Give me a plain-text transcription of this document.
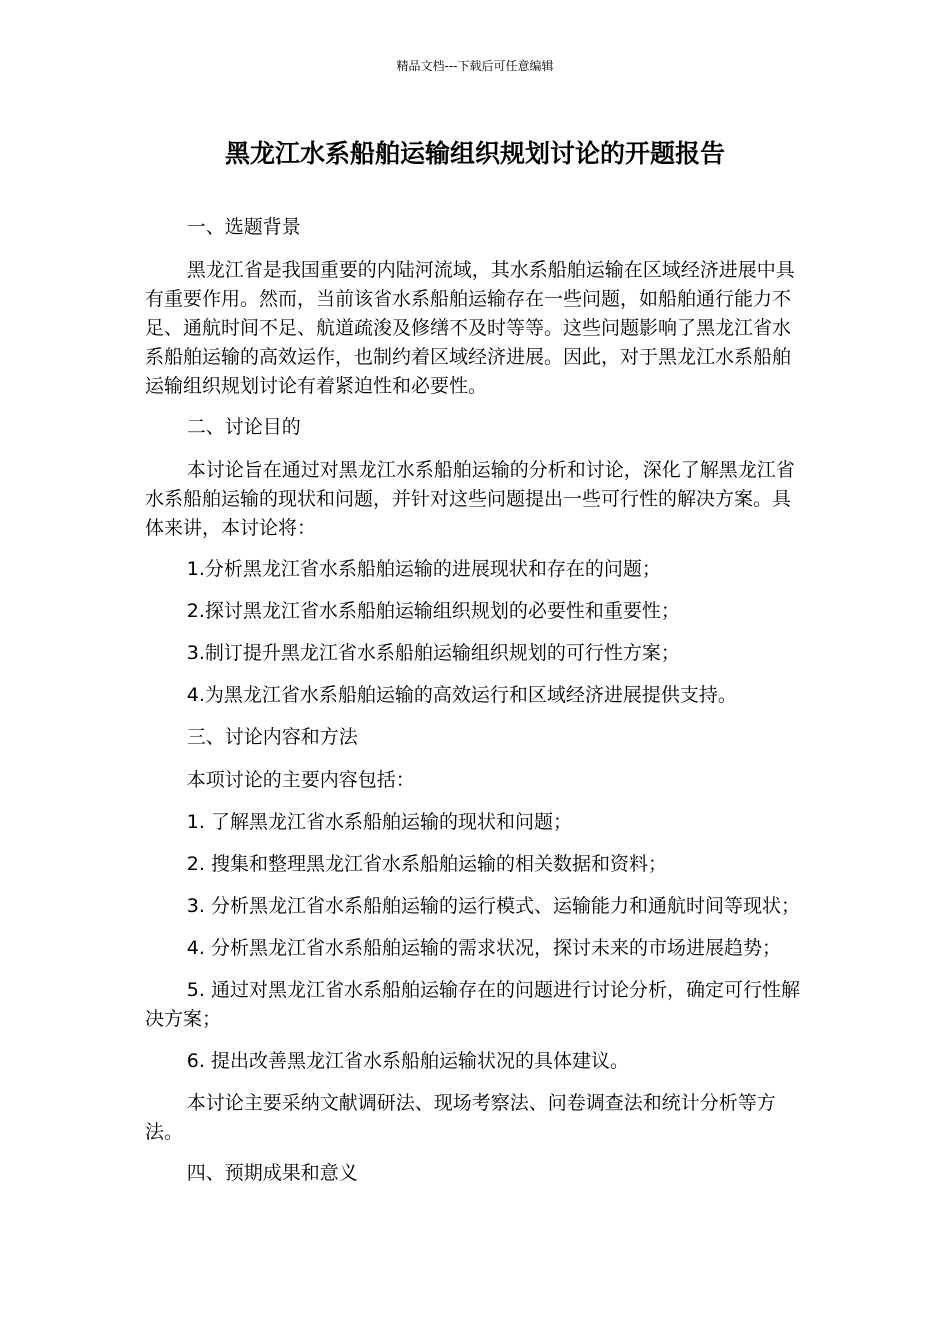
精品文档---下载后可任意编辑
黑龙江水系船舶运输组织规划讨论的开题报告

一、选题背景

黑龙江省是我国重要的内陆河流域，其水系船舶运输在区域经济进展中具有重要作用。然而，当前该省水系船舶运输存在一些问题，如船舶通行能力不足、通航时间不足、航道疏浚及修缮不及时等等。这些问题影响了黑龙江省水系船舶运输的高效运作，也制约着区域经济进展。因此，对于黑龙江水系船舶运输组织规划讨论有着紧迫性和必要性。

二、讨论目的

本讨论旨在通过对黑龙江水系船舶运输的分析和讨论，深化了解黑龙江省水系船舶运输的现状和问题，并针对这些问题提出一些可行性的解决方案。具体来讲，本讨论将：

1.分析黑龙江省水系船舶运输的进展现状和存在的问题；

2.探讨黑龙江省水系船舶运输组织规划的必要性和重要性；

3.制订提升黑龙江省水系船舶运输组织规划的可行性方案；

4.为黑龙江省水系船舶运输的高效运行和区域经济进展提供支持。

三、讨论内容和方法

本项讨论的主要内容包括：

1. 了解黑龙江省水系船舶运输的现状和问题；

2. 搜集和整理黑龙江省水系船舶运输的相关数据和资料；

3. 分析黑龙江省水系船舶运输的运行模式、运输能力和通航时间等现状；

4. 分析黑龙江省水系船舶运输的需求状况，探讨未来的市场进展趋势；

5. 通过对黑龙江省水系船舶运输存在的问题进行讨论分析，确定可行性解决方案；

6. 提出改善黑龙江省水系船舶运输状况的具体建议。

本讨论主要采纳文献调研法、现场考察法、问卷调查法和统计分析等方法。

四、预期成果和意义
